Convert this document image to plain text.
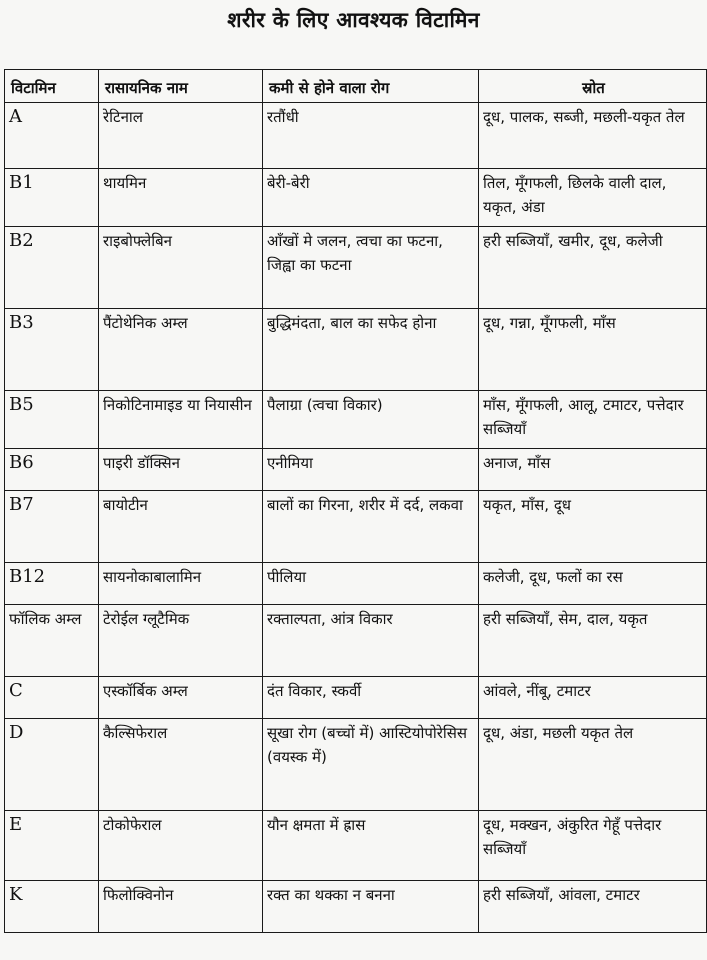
शरीर के लिए आवश्यक विटामिन
विटामिन	रासायनिक नाम	कमी से होने वाला रोग	स्रोत
A	रेटिनाल	रतौंधी	दूध, पालक, सब्जी, मछली-यकृत तेल
B1	थायमिन	बेरी-बेरी	तिल, मूँगफली, छिलके वाली दाल, यकृत, अंडा
B2	राइबोफ्लेबिन	आँखों मे जलन, त्वचा का फटना, जिह्वा का फटना	हरी सब्जियाँ, खमीर, दूध, कलेजी
B3	पैंटोथेनिक अम्ल	बुद्धिमंदता, बाल का सफेद होना	दूध, गन्ना, मूँगफली, माँस
B5	निकोटिनामाइड या नियासीन	पैलाग्रा (त्वचा विकार)	माँस, मूँगफली, आलू, टमाटर, पत्तेदार सब्जियाँ
B6	पाइरी डॉक्सिन	एनीमिया	अनाज, माँस
B7	बायोटीन	बालों का गिरना, शरीर में दर्द, लकवा	यकृत, माँस, दूध
B12	सायनोकाबालामिन	पीलिया	कलेजी, दूध, फलों का रस
फॉलिक अम्ल	टेरोईल ग्लूटैमिक	रक्ताल्पता, आंत्र विकार	हरी सब्जियाँ, सेम, दाल, यकृत
C	एस्कॉर्बिक अम्ल	दंत विकार, स्कर्वी	आंवले, नींबू, टमाटर
D	कैल्सिफेराल	सूखा रोग (बच्चों में) आस्टियोपोरेसिस (वयस्क में)	दूध, अंडा, मछली यकृत तेल
E	टोकोफेराल	यौन क्षमता में ह्रास	दूध, मक्खन, अंकुरित गेहूँ पत्तेदार सब्जियाँ
K	फिलोक्विनोन	रक्त का थक्का न बनना	हरी सब्जियाँ, आंवला, टमाटर
